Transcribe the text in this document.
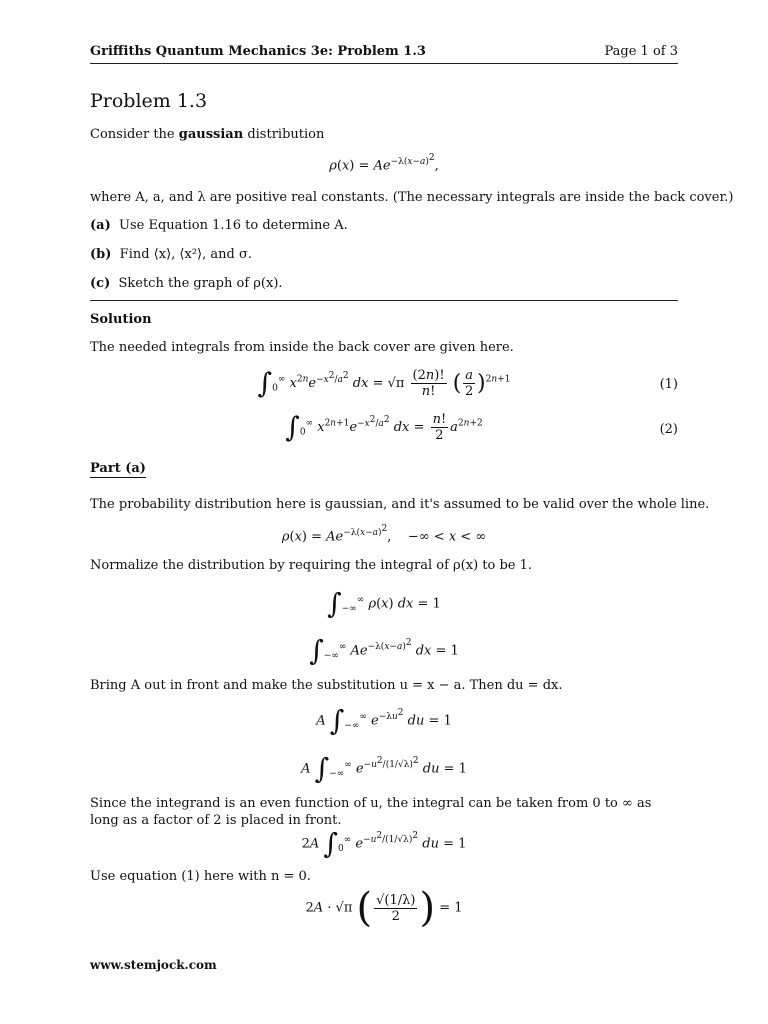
Griffiths Quantum Mechanics 3e: Problem 1.3	Page 1 of 3
Problem 1.3
Consider the gaussian distribution
$\rho(x) = Ae^{-\lambda(x-a)^2}$,
where A, a, and λ are positive real constants. (The necessary integrals are inside the back cover.)
(a) Use Equation 1.16 to determine A.
(b) Find ⟨x⟩, ⟨x²⟩, and σ.
(c) Sketch the graph of ρ(x).
Solution
The needed integrals from inside the back cover are given here.
$\int_0^\infty$ $x^{2n}e^{-x^2/a^2}$ dx = $√\pi \frac{(2n)!}{n!}$ ( $\frac{a}{2} )^{2n+1}$	(1)
$\int_0^\infty$ $x^{2n+1}e^{-x^2/a^2}$ dx = $\frac{n!}{2} a^{2n+2}$	(2)
Part (a)
The probability distribution here is gaussian, and it's assumed to be valid over the whole line.
$\rho(x) = Ae^{-\lambda(x-a)^2}$,    −∞ < x < ∞
Normalize the distribution by requiring the integral of ρ(x) to be 1.
$\int_{-\infty}^\infty$ ρ(x) dx = 1
$\int_{-\infty}^\infty$ $Ae^{-\lambda(x-a)^2}$ dx = 1
Bring A out in front and make the substitution u = x − a. Then du = dx.
A $\int_{-\infty}^\infty$ $e^{-\lambda u^2}$ du = 1
A $\int_{-\infty}^\infty$ $e^{-u^2/(1/√\lambda)^2}$ du = 1
Since the integrand is an even function of u, the integral can be taken from 0 to ∞ as long as a factor of 2 is placed in front.
2A $\int_0^\infty$ $e^{-u^2/(1/√\lambda)^2}$ du = 1
Use equation (1) here with n = 0.
2A · √π ( $\frac{√(1/\lambda)}{2}$ ) = 1
www.stemjock.com
